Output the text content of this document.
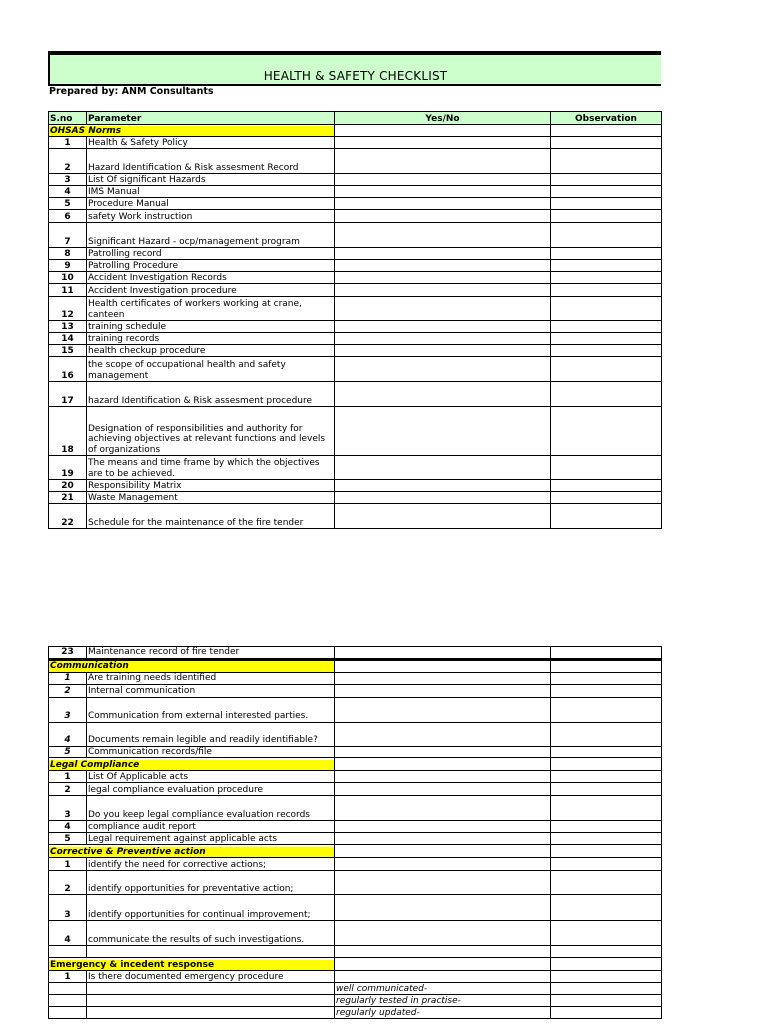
HEALTH & SAFETY CHECKLIST
Prepared by: ANM Consultants
S.no	Parameter	Yes/No	Observation

OHSAS Norms			

1	Health & Safety Policy		
2	Hazard Identification & Risk assesment Record		
3	List Of significant Hazards		
4	IMS Manual		
5	Procedure Manual		
6	safety Work instruction		
7	Significant Hazard - ocp/management program		
8	Patrolling record		
9	Patrolling Procedure		
10	Accident Investigation Records		
11	Accident Investigation procedure		
12	Health certificates of workers working at crane, canteen		
13	training schedule		
14	training records		
15	health checkup procedure		
16	the scope of occupational health and safety management		
17	hazard Identification & Risk assesment procedure		
18	Designation of responsibilities and authority for achieving objectives at relevant functions and levels of organizations		
19	The means and time frame by which the objectives are to be achieved.		
20	Responsibility Matrix		
21	Waste Management		
22	Schedule for the maintenance of the fire tender		
23	Maintenance record of fire tender		

Communication			

1	Are training needs identified		
2	Internal communication		
3	Communication from external interested parties.		
4	Documents remain legible and readily identifiable?		
5	Communication records/file		

Legal Compliance			

1	List Of Applicable acts		
2	legal compliance evaluation procedure		
3	Do you keep legal compliance evaluation records		
4	compliance audit report		
5	Legal requirement against applicable acts		

Corrective & Preventive action			

1	identify the need for corrective actions;		
2	identify opportunities for preventative action;		
3	identify opportunities for continual improvement;		
4	communicate the results of such investigations.		

Emergency & incedent response			

1	Is there documented emergency procedure		
		well communicated-	
		regularly tested in practise-	
		regularly updated-	
